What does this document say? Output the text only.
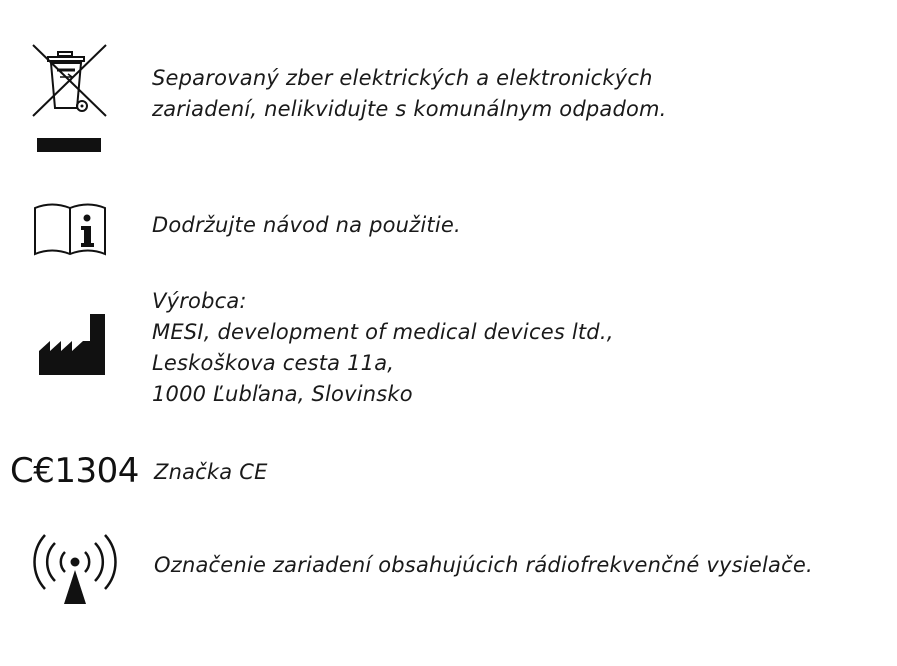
Separovaný zber elektrických a elektronických
zariadení, nelikvidujte s komunálnym odpadom.
Dodržujte návod na použitie.
Výrobca:
MESI, development of medical devices ltd.,
Leskoškova cesta 11a,
1000 Ľubľana, Slovinsko
C€1304 Značka CE
Označenie zariadení obsahujúcich rádiofrekvenčné vysielače.
